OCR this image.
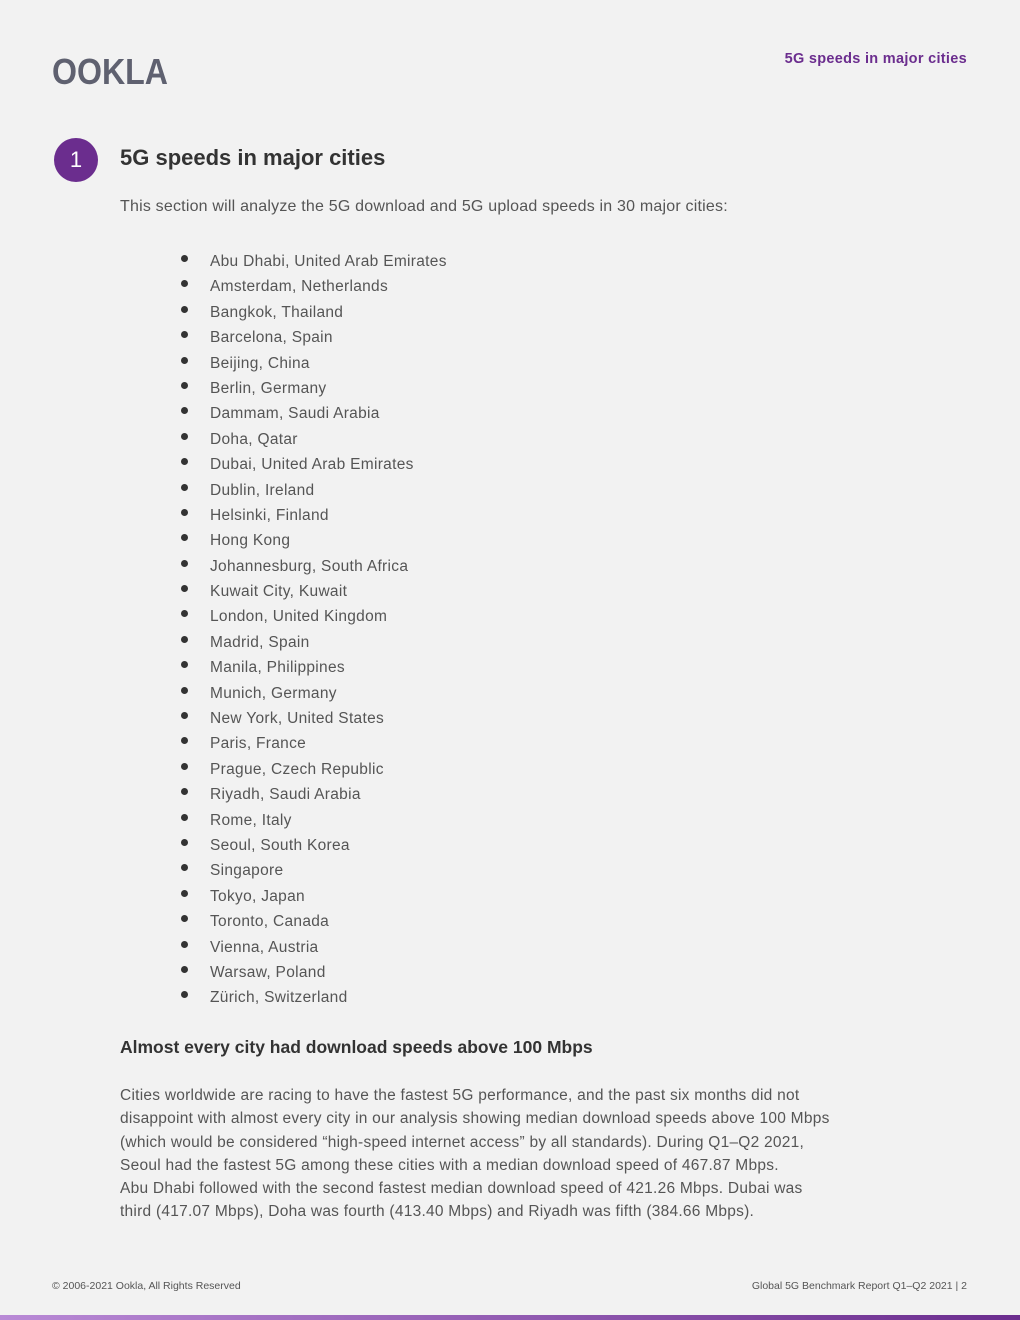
OOKLA	5G speeds in major cities
1	5G speeds in major cities

This section will analyze the 5G download and 5G upload speeds in 30 major cities:

Abu Dhabi, United Arab Emirates
Amsterdam, Netherlands
Bangkok, Thailand
Barcelona, Spain
Beijing, China
Berlin, Germany
Dammam, Saudi Arabia
Doha, Qatar
Dubai, United Arab Emirates
Dublin, Ireland
Helsinki, Finland
Hong Kong
Johannesburg, South Africa
Kuwait City, Kuwait
London, United Kingdom
Madrid, Spain
Manila, Philippines
Munich, Germany
New York, United States
Paris, France
Prague, Czech Republic
Riyadh, Saudi Arabia
Rome, Italy
Seoul, South Korea
Singapore
Tokyo, Japan
Toronto, Canada
Vienna, Austria
Warsaw, Poland
Zürich, Switzerland
Almost every city had download speeds above 100 Mbps

Cities worldwide are racing to have the fastest 5G performance, and the past six months did not
disappoint with almost every city in our analysis showing median download speeds above 100 Mbps
(which would be considered “high-speed internet access” by all standards). During Q1–Q2 2021,
Seoul had the fastest 5G among these cities with a median download speed of 467.87 Mbps.
Abu Dhabi followed with the second fastest median download speed of 421.26 Mbps. Dubai was
third (417.07 Mbps), Doha was fourth (413.40 Mbps) and Riyadh was fifth (384.66 Mbps).

© 2006-2021 Ookla, All Rights Reserved	Global 5G Benchmark Report Q1–Q2 2021 | 2
